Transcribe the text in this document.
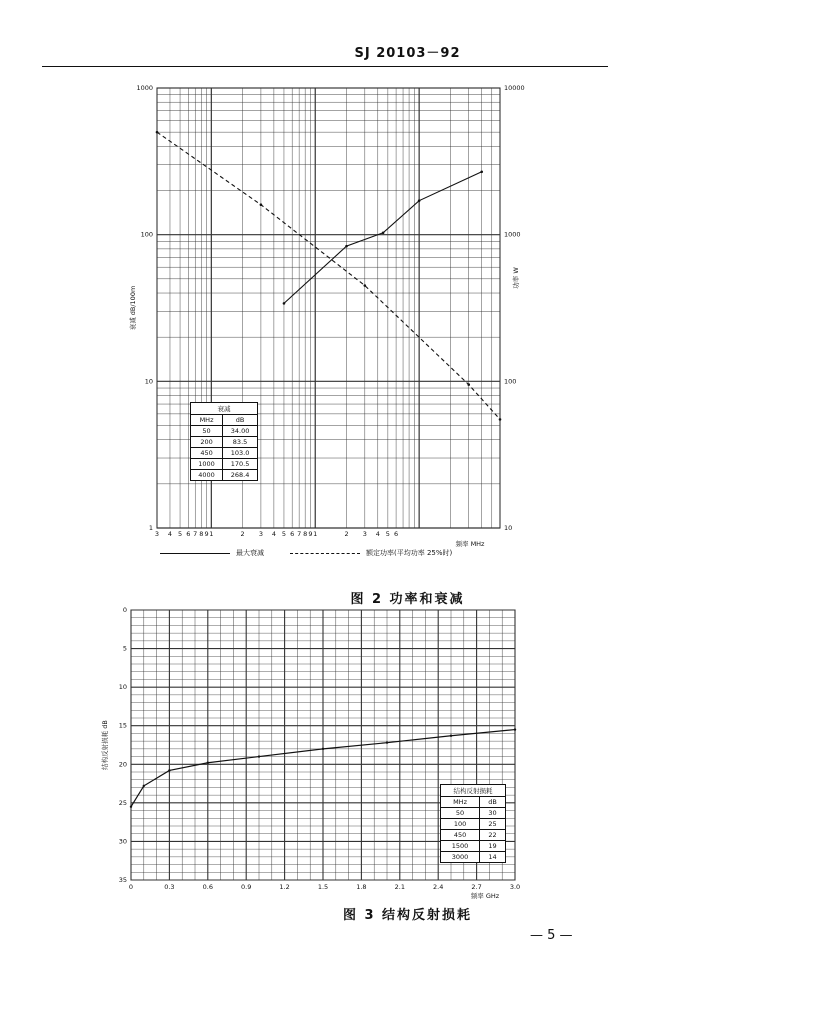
SJ 20103－92
1
10
100
1000
10
100
1000
10000
3 4 5 6 7 8 9 1	2 3 4 5 6 7 8 9 1	2 3 4 5 6
衰减 dB/100m
功率 W
频率 MHz
0	0.3	0.6	0.9	1.2	1.5	1.8	2.1	2.4	2.7	3.0
0
5
10
15
20
25
30
35
结构反射损耗 dB
频率 GHz
最大衰减	额定功率(平均功率 25%时)
衰减	
MHz	dB
50	34.00
200	83.5
450	103.0
1000	170.5
4000	268.4
图 2 功率和衰减
结构反射损耗	
MHz	dB
50	30
100	25
450	22
1500	19
3000	14
图 3 结构反射损耗
— 5 —
